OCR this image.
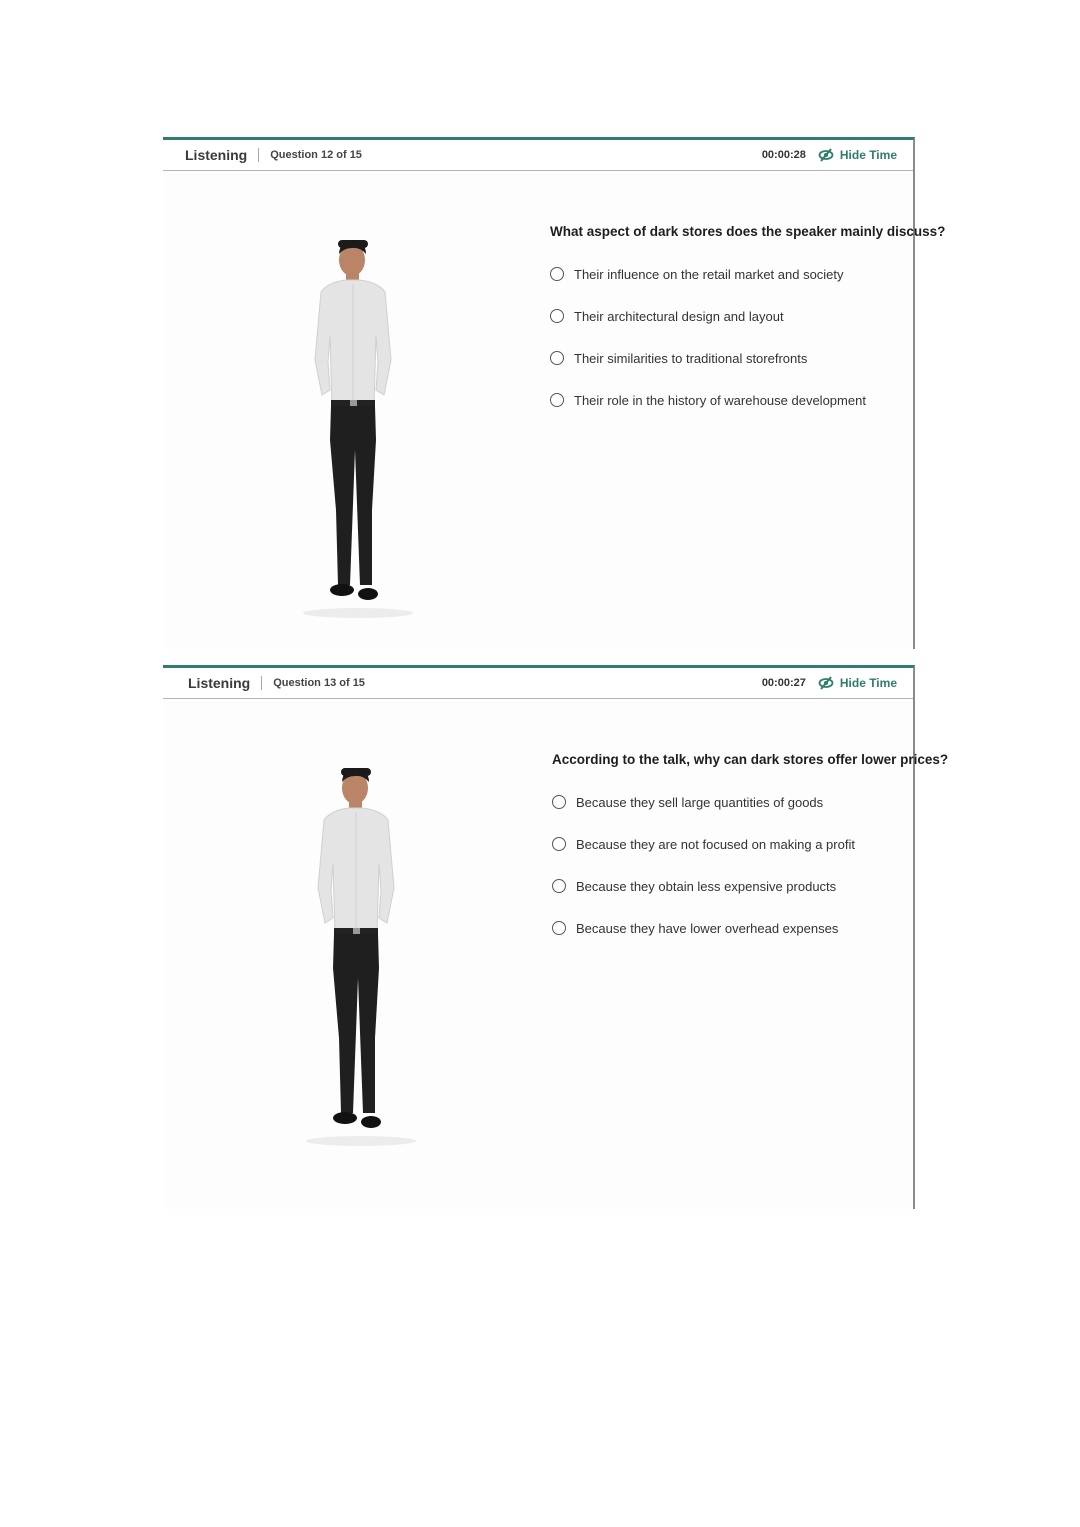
Listening Question 12 of 15	00:00:28	Hide Time
What aspect of dark stores does the speaker mainly discuss?
Their influence on the retail market and society
Their architectural design and layout
Their similarities to traditional storefronts
Their role in the history of warehouse development
Listening Question 13 of 15	00:00:27	Hide Time
According to the talk, why can dark stores offer lower prices?
Because they sell large quantities of goods
Because they are not focused on making a profit
Because they obtain less expensive products
Because they have lower overhead expenses
